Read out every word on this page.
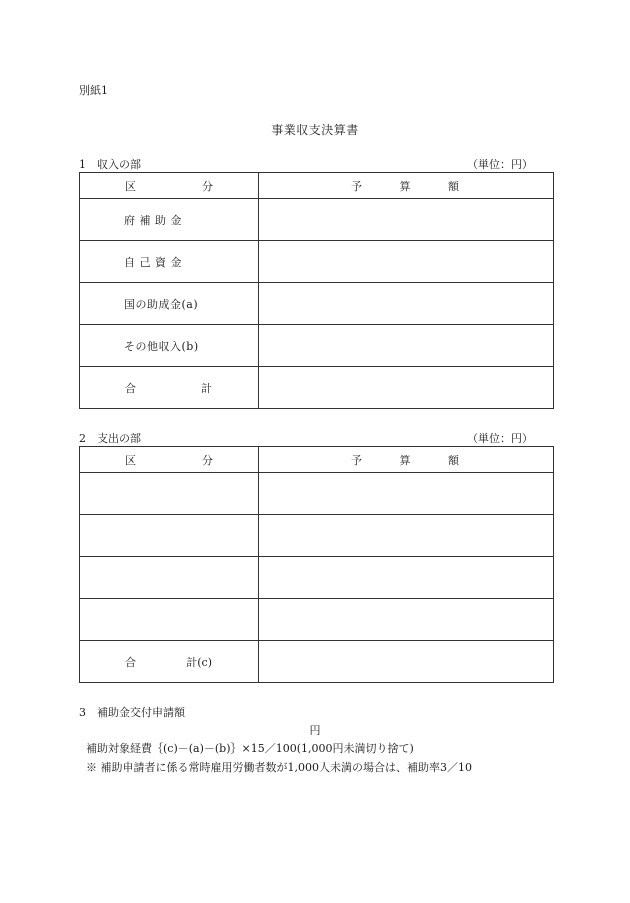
別紙1
事業収支決算書
1　収入の部	（単位：円）
区 分	予 算 額

府 補 助 金	

自 己 資 金	

国の助成金(a)	

その他収入(b)	

合 計	

2　支出の部	（単位：円）
区 分	予 算 額

合 計(c)	

3　補助金交付申請額
円
補助対象経費｛(c)－(a)－(b)｝×15／100(1,000円未満切り捨て)
※ 補助申請者に係る常時雇用労働者数が1,000人未満の場合は、補助率3／10
